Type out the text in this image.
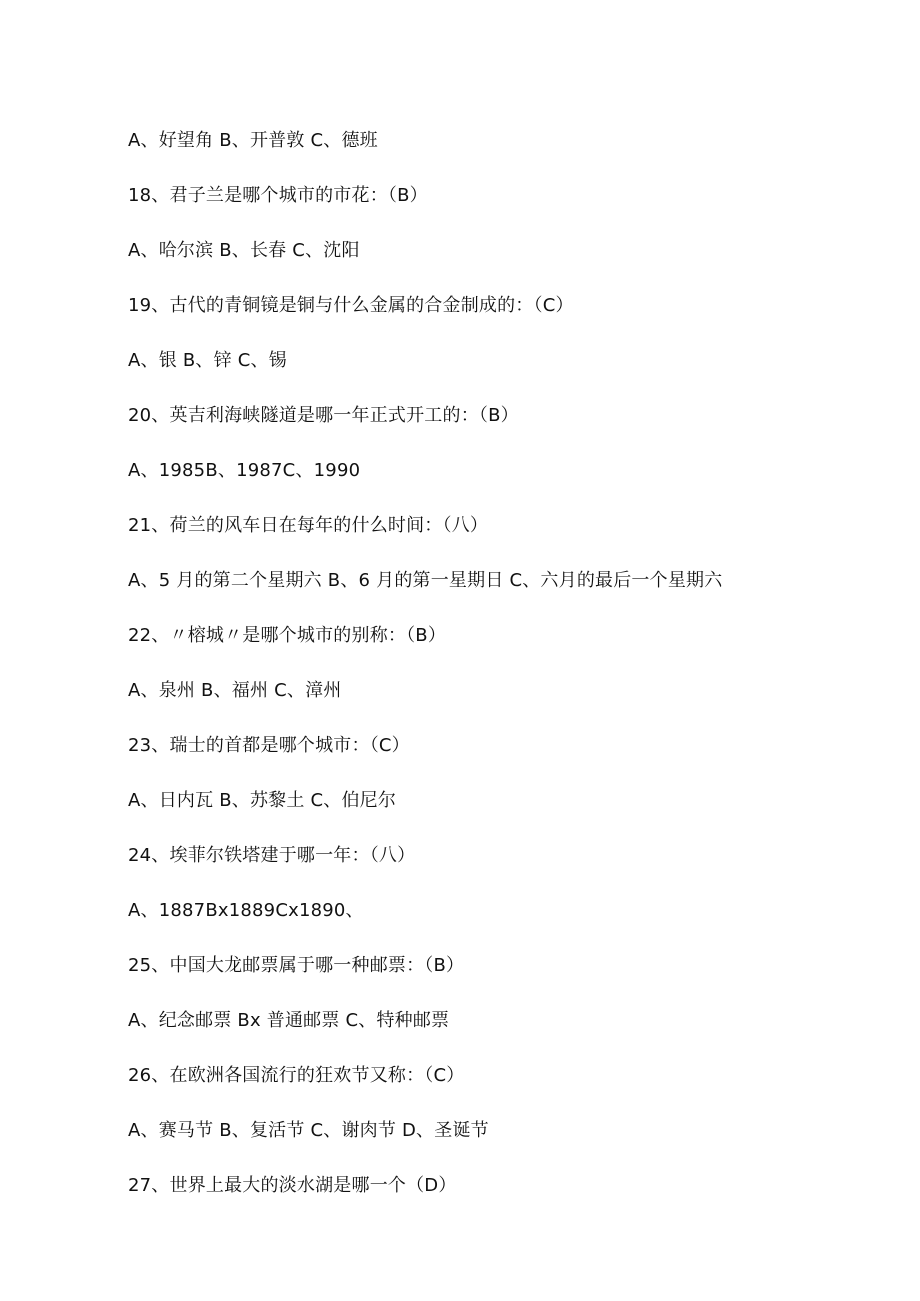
A、好望角 B、开普敦 C、德班
18、君子兰是哪个城市的市花：（B）
A、哈尔滨 B、长春 C、沈阳
19、古代的青铜镜是铜与什么金属的合金制成的：（C）
A、银 B、锌 C、锡
20、英吉利海峡隧道是哪一年正式开工的：（B）
A、1985B、1987C、1990
21、荷兰的风车日在每年的什么时间：（八）
A、5 月的第二个星期六 B、6 月的第一星期日 C、六月的最后一个星期六
22、〃榕城〃是哪个城市的别称：（B）
A、泉州 B、福州 C、漳州
23、瑞士的首都是哪个城市：（C）
A、日内瓦 B、苏黎土 C、伯尼尔
24、埃菲尔铁塔建于哪一年：（八）
A、1887Bx1889Cx1890、
25、中国大龙邮票属于哪一种邮票：（B）
A、纪念邮票 Bx 普通邮票 C、特种邮票
26、在欧洲各国流行的狂欢节又称：（C）
A、赛马节 B、复活节 C、谢肉节 D、圣诞节
27、世界上最大的淡水湖是哪一个（D）
